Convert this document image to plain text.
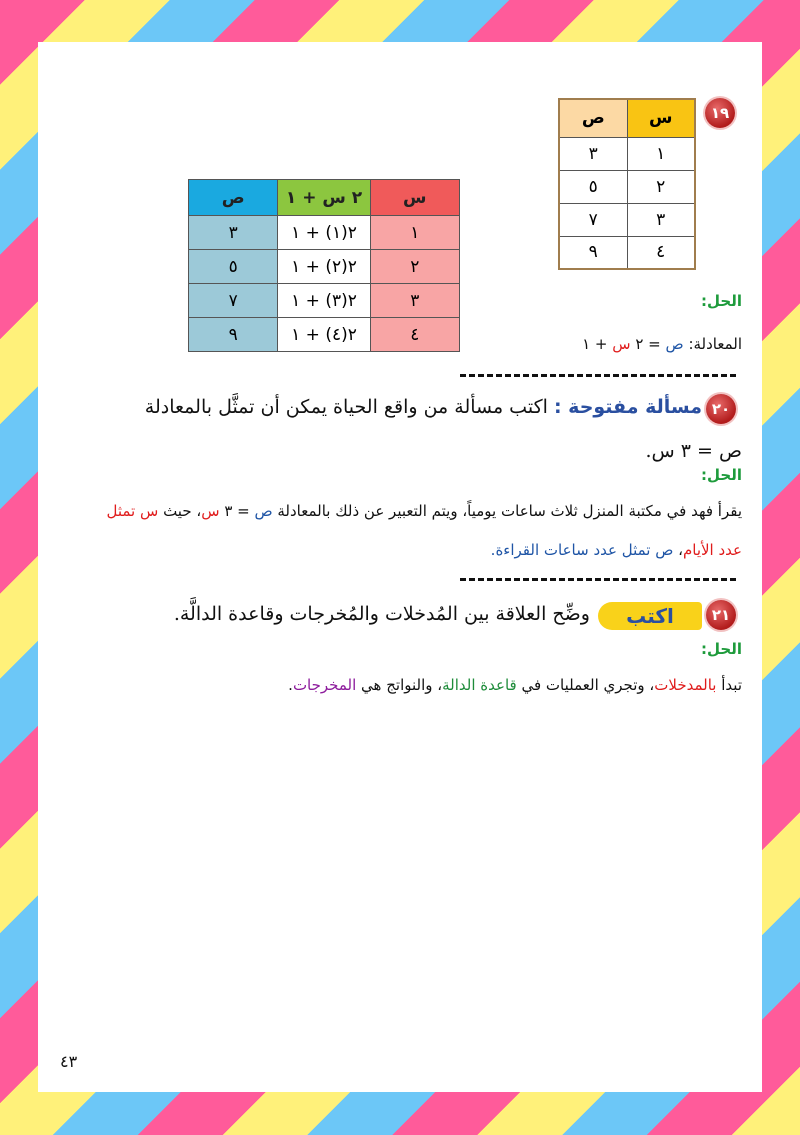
١٩
س	ص
١	٣
٢	٥
٣	٧
٤	٩
س	٢ س + ١	ص
١	٢(١) + ١	٣
٢	٢(٢) + ١	٥
٣	٢(٣) + ١	٧
٤	٢(٤) + ١	٩
الحل:
المعادلة: ص = ٢ س + ١
٢٠
مسألة مفتوحة : اكتب مسألة من واقع الحياة يمكن أن تمثَّل بالمعادلة
ص = ٣ س.
الحل:
يقرأ فهد في مكتبة المنزل ثلاث ساعات يومياً، ويتم التعبير عن ذلك بالمعادلة ص = ٣ س، حيث س تمثل
عدد الأيام، ص تمثل عدد ساعات القراءة.
٢١
اكتب
وضِّح العلاقة بين المُدخلات والمُخرجات وقاعدة الدالَّة.
الحل:
تبدأ بالمدخلات، وتجري العمليات في قاعدة الدالة، والنواتج هي المخرجات.
٤٣
